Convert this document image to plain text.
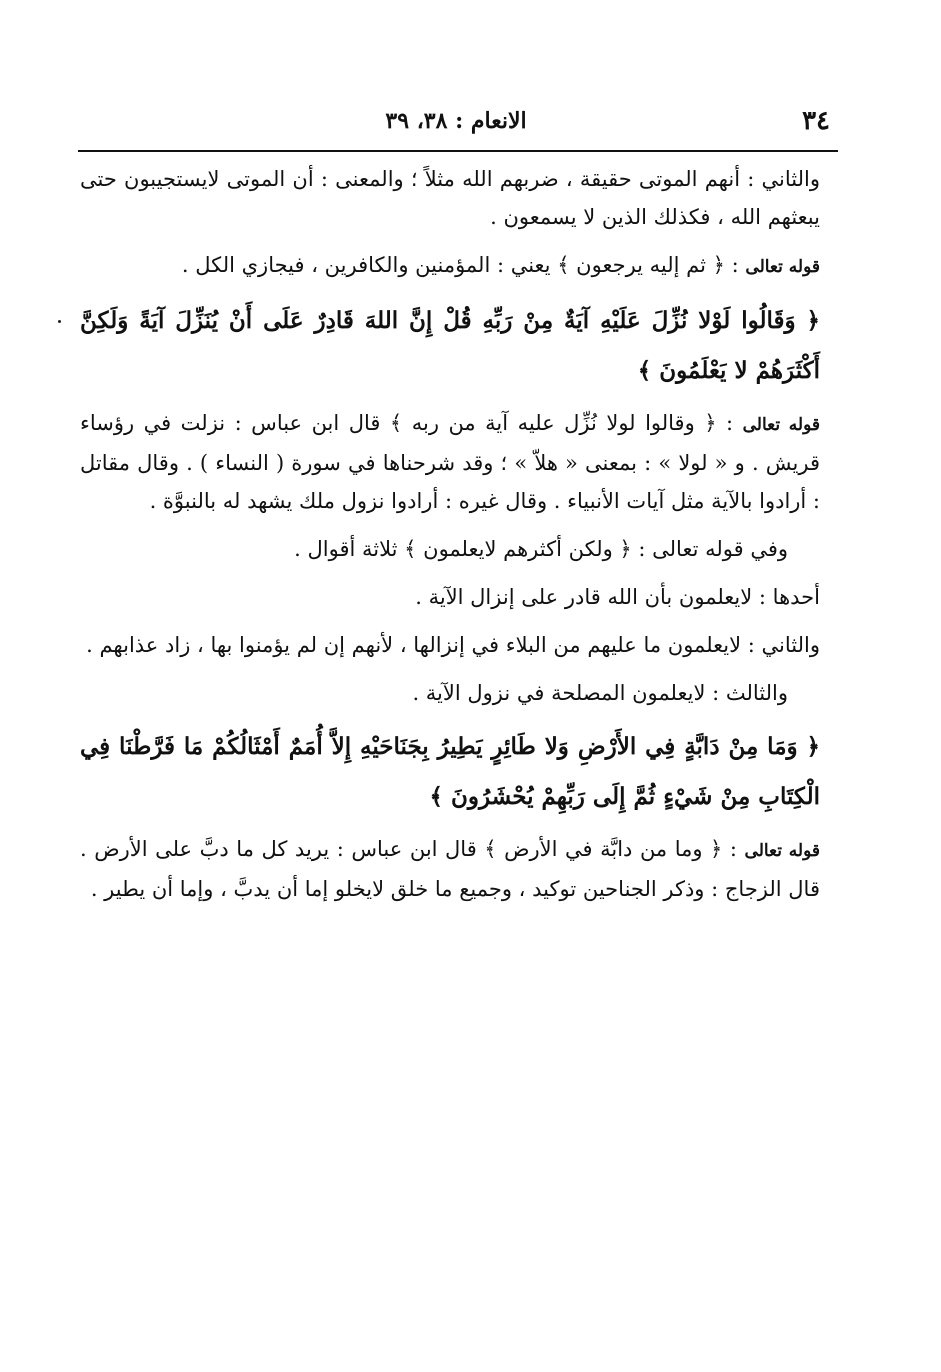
٣٤
الانعام : ٣٨، ٣٩

والثاني : أنهم الموتى حقيقة ، ضربهم الله مثلاً ؛ والمعنى : أن الموتى لايستجيبون حتى يبعثهم الله ، فكذلك الذين لا يسمعون .

قوله تعالى : ﴿ ثم إليه يرجعون ﴾ يعني : المؤمنين والكافرين ، فيجازي الكل .

﴿ وَقَالُوا لَوْلا نُزِّلَ عَلَيْهِ آيَةٌ مِنْ رَبِّهِ قُلْ إِنَّ اللهَ قَادِرٌ عَلَى أَنْ يُنَزِّلَ آيَةً وَلَكِنَّ أَكْثَرَهُمْ لا يَعْلَمُونَ ﴾

قوله تعالى : ﴿ وقالوا لولا نُزِّل عليه آية من ربه ﴾ قال ابن عباس : نزلت في رؤساء قريش . و « لولا » : بمعنى « هلاّ » ؛ وقد شرحناها في سورة ( النساء ) . وقال مقاتل : أرادوا بالآية مثل آيات الأنبياء . وقال غيره : أرادوا نزول ملك يشهد له بالنبوَّة .

وفي قوله تعالى : ﴿ ولكن أكثرهم لايعلمون ﴾ ثلاثة أقوال .

أحدها : لايعلمون بأن الله قادر على إنزال الآية .

والثاني : لايعلمون ما عليهم من البلاء في إنزالها ، لأنهم إن لم يؤمنوا بها ، زاد عذابهم .

والثالث : لايعلمون المصلحة في نزول الآية .

﴿ وَمَا مِنْ دَابَّةٍ فِي الأَرْضِ وَلا طَائِرٍ يَطِيرُ بِجَنَاحَيْهِ إِلاَّ أُمَمٌ أَمْثَالُكُمْ مَا فَرَّطْنَا فِي الْكِتَابِ مِنْ شَيْءٍ ثُمَّ إِلَى رَبِّهِمْ يُحْشَرُونَ ﴾

قوله تعالى : ﴿ وما من دابَّة في الأرض ﴾ قال ابن عباس : يريد كل ما دبَّ على الأرض . قال الزجاج : وذكر الجناحين توكيد ، وجميع ما خلق لايخلو إما أن يدبَّ ، وإما أن يطير .
